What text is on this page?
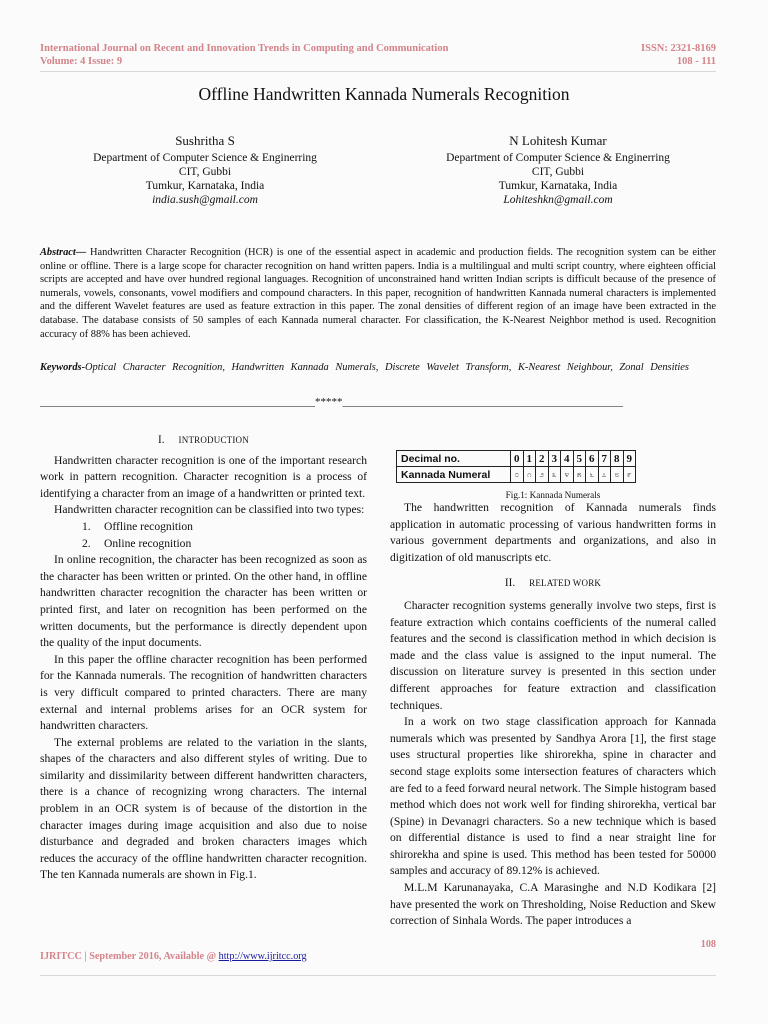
International Journal on Recent and Innovation Trends in Computing and Communication
Volume: 4 Issue: 9
ISSN: 2321-8169
108 - 111
Offline Handwritten Kannada Numerals Recognition
Sushritha S
Department of Computer Science & Enginerring
CIT, Gubbi
Tumkur, Karnataka, India
india.sush@gmail.com
N Lohitesh Kumar
Department of Computer Science & Enginerring
CIT, Gubbi
Tumkur, Karnataka, India
Lohiteshkn@gmail.com
Abstract— Handwritten Character Recognition (HCR) is one of the essential aspect in academic and production fields. The recognition system can be either online or offline. There is a large scope for character recognition on hand written papers. India is a multilingual and multi script country, where eighteen official scripts are accepted and have over hundred regional languages. Recognition of unconstrained hand written Indian scripts is difficult because of the presence of numerals, vowels, consonants, vowel modifiers and compound characters. In this paper, recognition of handwritten Kannada numeral characters is implemented and the different Wavelet features are used as feature extraction in this paper. The zonal densities of different region of an image have been extracted in the database. The database consists of 50 samples of each Kannada numeral character. For classification, the K-Nearest Neighbor method is used. Recognition accuracy of 88% has been achieved.
Keywords-Optical Character Recognition, Handwritten Kannada Numerals, Discrete Wavelet Transform, K-Nearest Neighbour, Zonal Densities
__________________________________________________*****___________________________________________________

I. INTRODUCTION

Handwritten character recognition is one of the important research work in pattern recognition. Character recognition is a process of identifying a character from an image of a handwritten or printed text.

Handwritten character recognition can be classified into two types:

1. Offline recognition
2. Online recognition

In online recognition, the character has been recognized as soon as the character has been written or printed. On the other hand, in offline handwritten character recognition the character has been written or printed first, and later on recognition has been performed on the written documents, but the performance is directly dependent upon the quality of the input documents.

In this paper the offline character recognition has been performed for the Kannada numerals. The recognition of handwritten characters is very difficult compared to printed characters. There are many external and internal problems arises for an OCR system for handwritten characters.

The external problems are related to the variation in the slants, shapes of the characters and also different styles of writing. Due to similarity and dissimilarity between different handwritten characters, there is a chance of recognizing wrong characters. The internal problem in an OCR system is of because of the distortion in the character images during image acquisition and also due to noise disturbance and degraded and broken characters images which reduces the accuracy of the offline handwritten character recognition. The ten Kannada numerals are shown in Fig.1.

Decimal no.	0	1	2	3	4	5	6	7	8	9
Kannada Numeral	೦	೧	೨	೩	೪	೫	೬	೭	೮	೯
Fig.1: Kannada Numerals

The handwritten recognition of Kannada numerals finds application in automatic processing of various handwritten forms in various government departments and organizations, and also in digitization of old manuscripts etc.

II. RELATED WORK

Character recognition systems generally involve two steps, first is feature extraction which contains coefficients of the numeral called features and the second is classification method in which decision is made and the class value is assigned to the input numeral. The discussion on literature survey is presented in this section under different approaches for feature extraction and classification techniques.

In a work on two stage classification approach for Kannada numerals which was presented by Sandhya Arora [1], the first stage uses structural properties like shirorekha, spine in character and second stage exploits some intersection features of characters which are fed to a feed forward neural network. The Simple histogram based method which does not work well for finding shirorekha, vertical bar (Spine) in Devanagri characters. So a new technique which is based on differential distance is used to find a near straight line for shirorekha and spine is used. This method has been tested for 50000 samples and accuracy of 89.12% is achieved.

M.L.M Karunanayaka, C.A Marasinghe and N.D Kodikara [2] have presented the work on Thresholding, Noise Reduction and Skew correction of Sinhala Words. The paper introduces a

108
IJRITCC | September 2016, Available @ http://www.ijritcc.org
